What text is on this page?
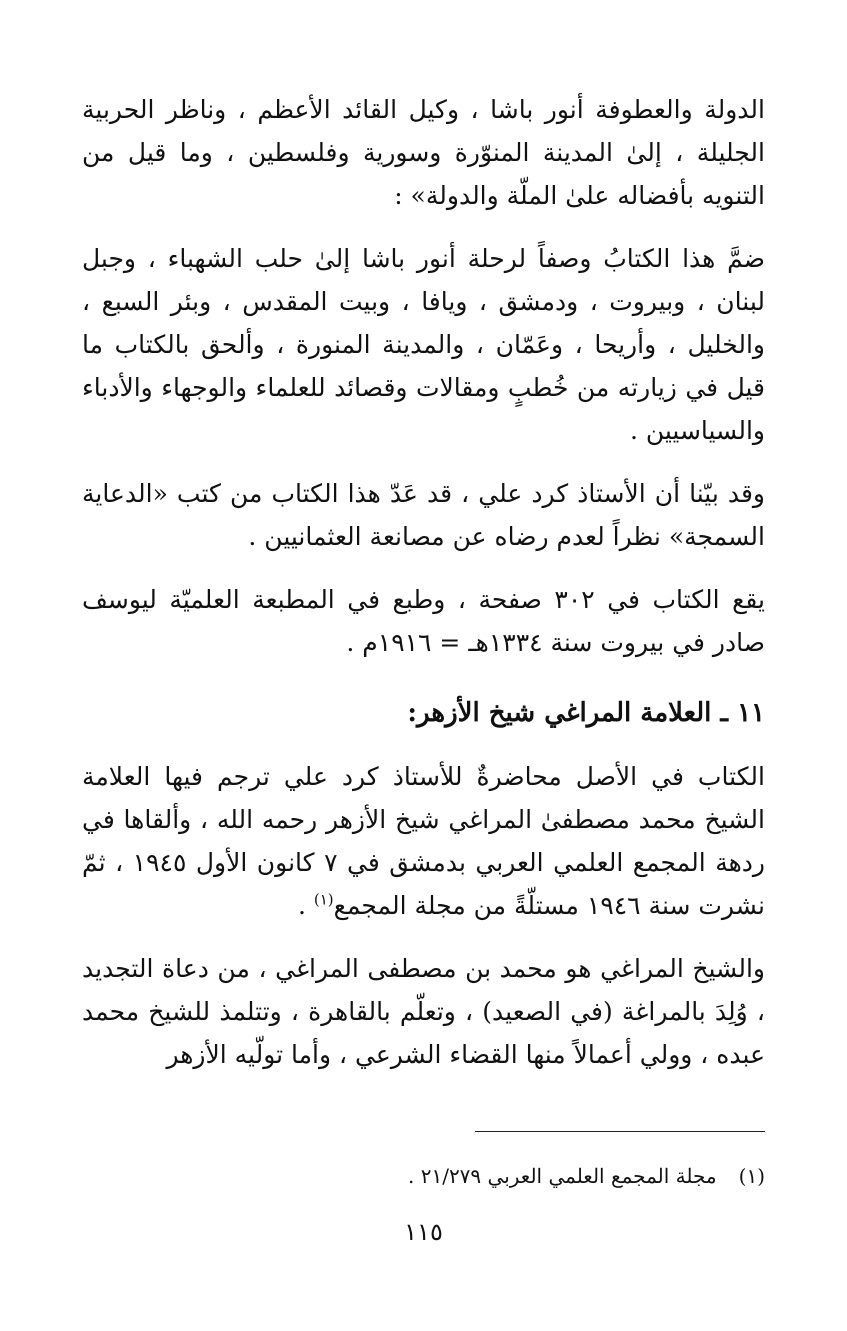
الدولة والعطوفة أنور باشا ، وكيل القائد الأعظم ، وناظر الحربية الجليلة ، إلىٰ المدينة المنوّرة وسورية وفلسطين ، وما قيل من التنويه بأفضاله علىٰ الملّة والدولة» :

ضمَّ هذا الكتابُ وصفاً لرحلة أنور باشا إلىٰ حلب الشهباء ، وجبل لبنان ، وبيروت ، ودمشق ، ويافا ، وبيت المقدس ، وبئر السبع ، والخليل ، وأريحا ، وعَمّان ، والمدينة المنورة ، وألحق بالكتاب ما قيل في زيارته من خُطبٍ ومقالات وقصائد للعلماء والوجهاء والأدباء والسياسيين .

وقد بيّنا أن الأستاذ كرد علي ، قد عَدّ هذا الكتاب من كتب «الدعاية السمجة» نظراً لعدم رضاه عن مصانعة العثمانيين .

يقع الكتاب في ٣٠٢ صفحة ، وطبع في المطبعة العلميّة ليوسف صادر في بيروت سنة ١٣٣٤هـ = ١٩١٦م .

١١ ـ العلامة المراغي شيخ الأزهر:

الكتاب في الأصل محاضرةٌ للأستاذ كرد علي ترجم فيها العلامة الشيخ محمد مصطفىٰ المراغي شيخ الأزهر رحمه الله ، وألقاها في ردهة المجمع العلمي العربي بدمشق في ٧ كانون الأول ١٩٤٥ ، ثمّ نشرت سنة ١٩٤٦ مستلّةً من مجلة المجمع$^{(١)}$ .

والشيخ المراغي هو محمد بن مصطفى المراغي ، من دعاة التجديد ، وُلِدَ بالمراغة (في الصعيد) ، وتعلّم بالقاهرة ، وتتلمذ للشيخ محمد عبده ، وولي أعمالاً منها القضاء الشرعي ، وأما تولّيه الأزهر

(١)مجلة المجمع العلمي العربي ٢١/٢٧٩ .
١١٥
